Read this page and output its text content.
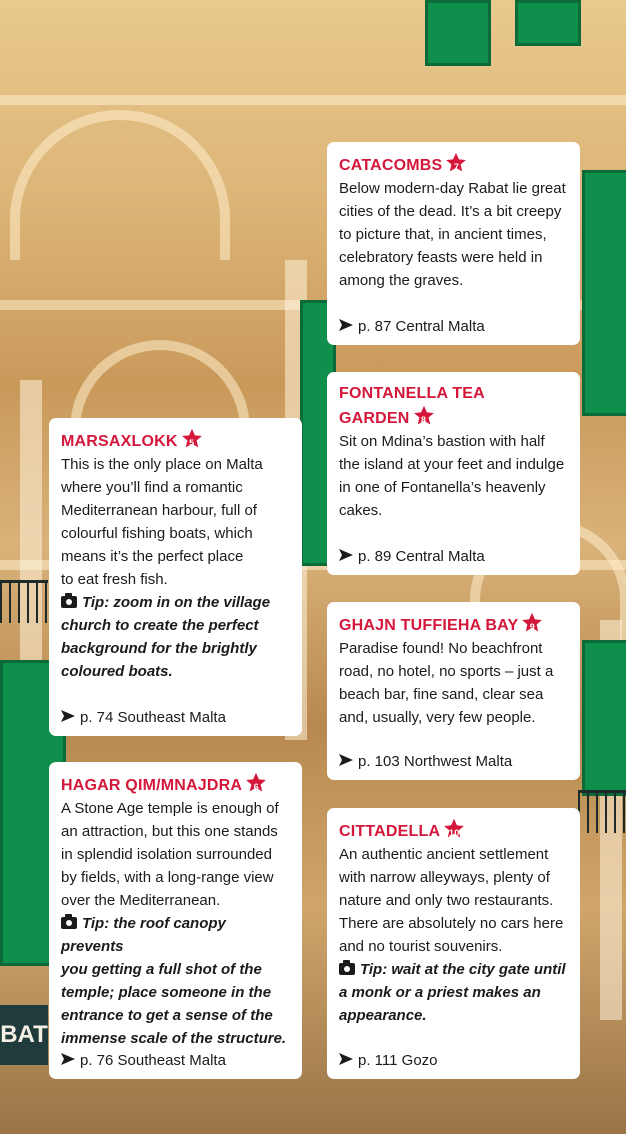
BAT

CATACOMBS	7

Below modern-day Rabat lie great
cities of the dead. It’s a bit creepy
to picture that, in ancient times,
celebratory feasts were held in
among the graves.

p. 87 Central Malta

FONTANELLA TEA
GARDEN	8

Sit on Mdina’s bastion with half
the island at your feet and indulge
in one of Fontanella’s heavenly
cakes.

p. 89 Central Malta

MARSAXLOKK	5

This is the only place on Malta
where you’ll find a romantic
Mediterranean harbour, full of
colourful fishing boats, which
means it’s the perfect place
to eat fresh fish.

Tip: zoom in on the village
church to create the perfect
background for the brightly
coloured boats.

p. 74 Southeast Malta

GHAJN TUFFIEHA BAY	9

Paradise found! No beachfront
road, no hotel, no sports – just a
beach bar, fine sand, clear sea
and, usually, very few people.

p. 103 Northwest Malta

HAGAR QIM/MNAJDRA	6

A Stone Age temple is enough of
an attraction, but this one stands
in splendid isolation surrounded
by fields, with a long-range view
over the Mediterranean.

Tip: the roof canopy prevents
you getting a full shot of the
temple; place someone in the
entrance to get a sense of the
immense scale of the structure.

p. 76 Southeast Malta

CITTADELLA 10

An authentic ancient settlement
with narrow alleyways, plenty of
nature and only two restaurants.
There are absolutely no cars here
and no tourist souvenirs.

Tip: wait at the city gate until
a monk or a priest makes an
appearance.

p. 111 Gozo
